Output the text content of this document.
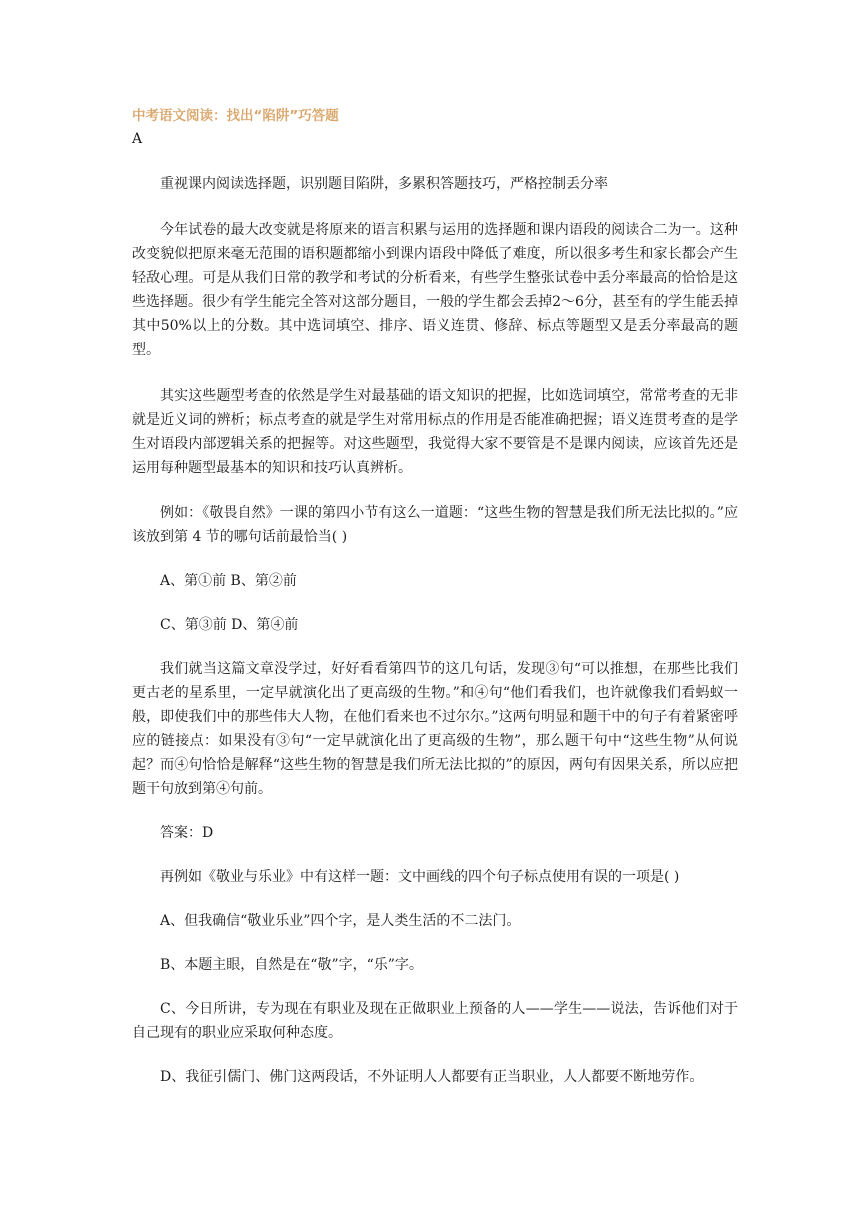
中考语文阅读：找出“陷阱”巧答题

A

重视课内阅读选择题，识别题目陷阱，多累积答题技巧，严格控制丢分率

今年试卷的最大改变就是将原来的语言积累与运用的选择题和课内语段的阅读合二为一。这种改变貌似把原来毫无范围的语积题都缩小到课内语段中降低了难度，所以很多考生和家长都会产生轻敌心理。可是从我们日常的教学和考试的分析看来，有些学生整张试卷中丢分率最高的恰恰是这些选择题。很少有学生能完全答对这部分题目，一般的学生都会丢掉2～6分，甚至有的学生能丢掉其中50%以上的分数。其中选词填空、排序、语义连贯、修辞、标点等题型又是丢分率最高的题型。

其实这些题型考查的依然是学生对最基础的语文知识的把握，比如选词填空，常常考查的无非就是近义词的辨析；标点考查的就是学生对常用标点的作用是否能准确把握；语义连贯考查的是学生对语段内部逻辑关系的把握等。对这些题型，我觉得大家不要管是不是课内阅读，应该首先还是运用每种题型最基本的知识和技巧认真辨析。

例如：《敬畏自然》一课的第四小节有这么一道题：“这些生物的智慧是我们所无法比拟的。”应该放到第 4 节的哪句话前最恰当( )

A、第①前 B、第②前

C、第③前 D、第④前

我们就当这篇文章没学过，好好看看第四节的这几句话，发现③句“可以推想，在那些比我们更古老的星系里，一定早就演化出了更高级的生物。”和④句“他们看我们，也许就像我们看蚂蚁一般，即使我们中的那些伟大人物，在他们看来也不过尔尔。”这两句明显和题干中的句子有着紧密呼应的链接点：如果没有③句“一定早就演化出了更高级的生物”，那么题干句中“这些生物”从何说起？而④句恰恰是解释“这些生物的智慧是我们所无法比拟的”的原因，两句有因果关系，所以应把题干句放到第④句前。

答案：D

再例如《敬业与乐业》中有这样一题：文中画线的四个句子标点使用有误的一项是( )

A、但我确信“敬业乐业”四个字，是人类生活的不二法门。

B、本题主眼，自然是在“敬”字，“乐”字。

C、今日所讲，专为现在有职业及现在正做职业上预备的人——学生——说法，告诉他们对于自己现有的职业应采取何种态度。

D、我征引儒门、佛门这两段话，不外证明人人都要有正当职业，人人都要不断地劳作。
